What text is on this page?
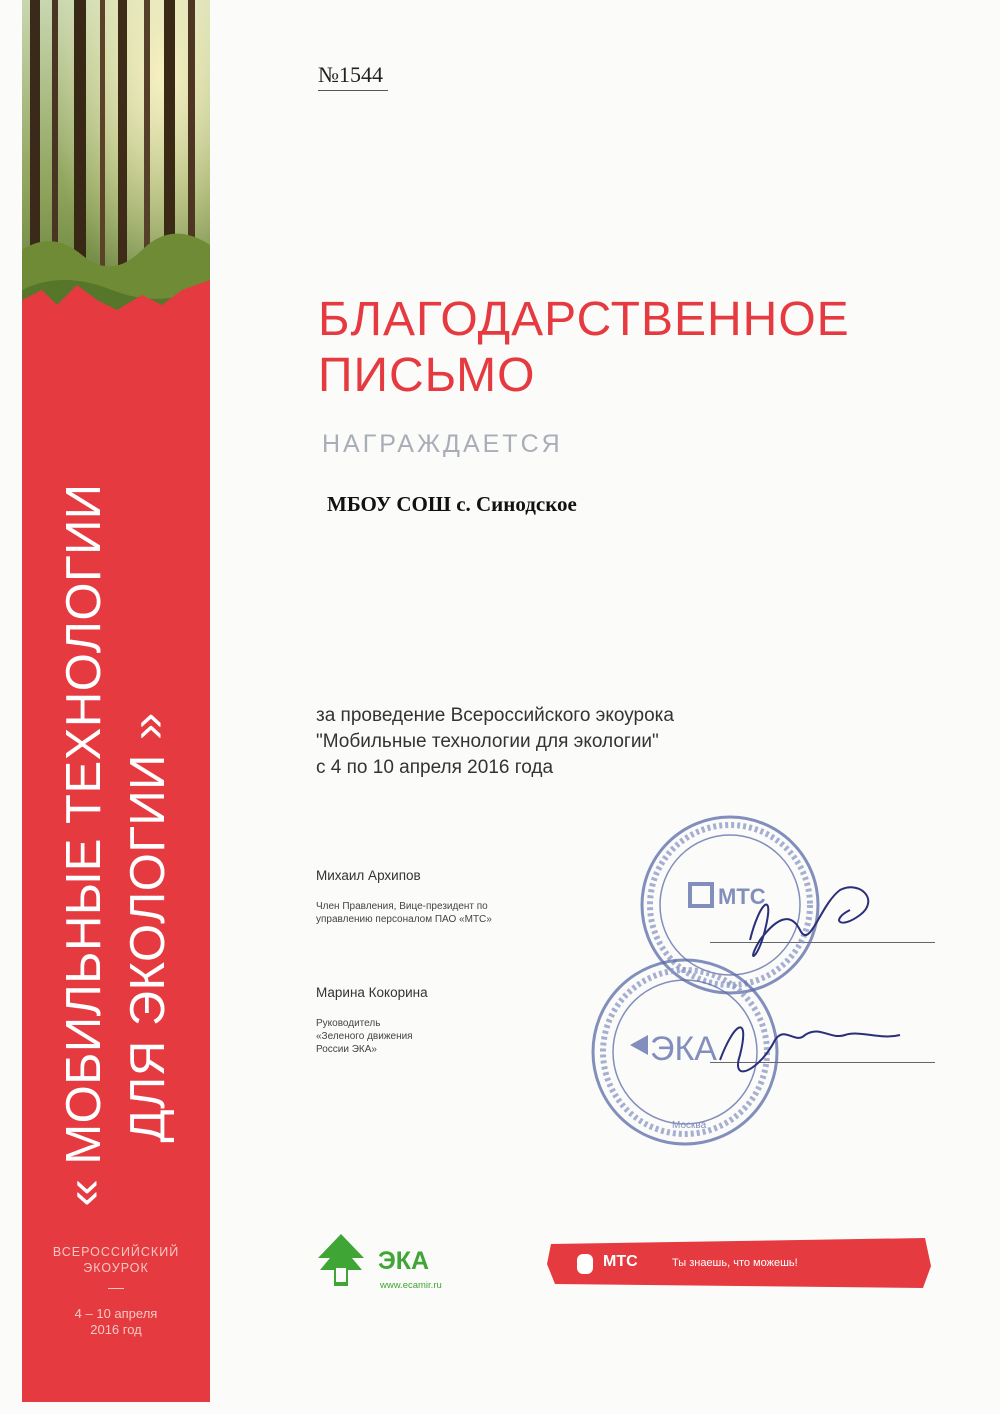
« МОБИЛЬНЫЕ ТЕХНОЛОГИИ ДЛЯ ЭКОЛОГИИ »
ВСЕРОССИЙСКИЙ
ЭКОУРОК
4 – 10 апреля
2016 год
№1544
БЛАГОДАРСТВЕННОЕ
ПИСЬМО
НАГРАЖДАЕТСЯ
МБОУ СОШ с. Синодское
за проведение Всероссийского экоурока
"Мобильные технологии для экологии"
с 4 по 10 апреля 2016 года
Михаил Архипов
Член Правления, Вице-президент по
управлению персоналом ПАО «МТС»
Марина Кокорина
Руководитель
«Зеленого движения
России ЭКА»
МТС
ЭКА
Москва
ЭКА
www.ecamir.ru
МТС	Ты знаешь, что можешь!
